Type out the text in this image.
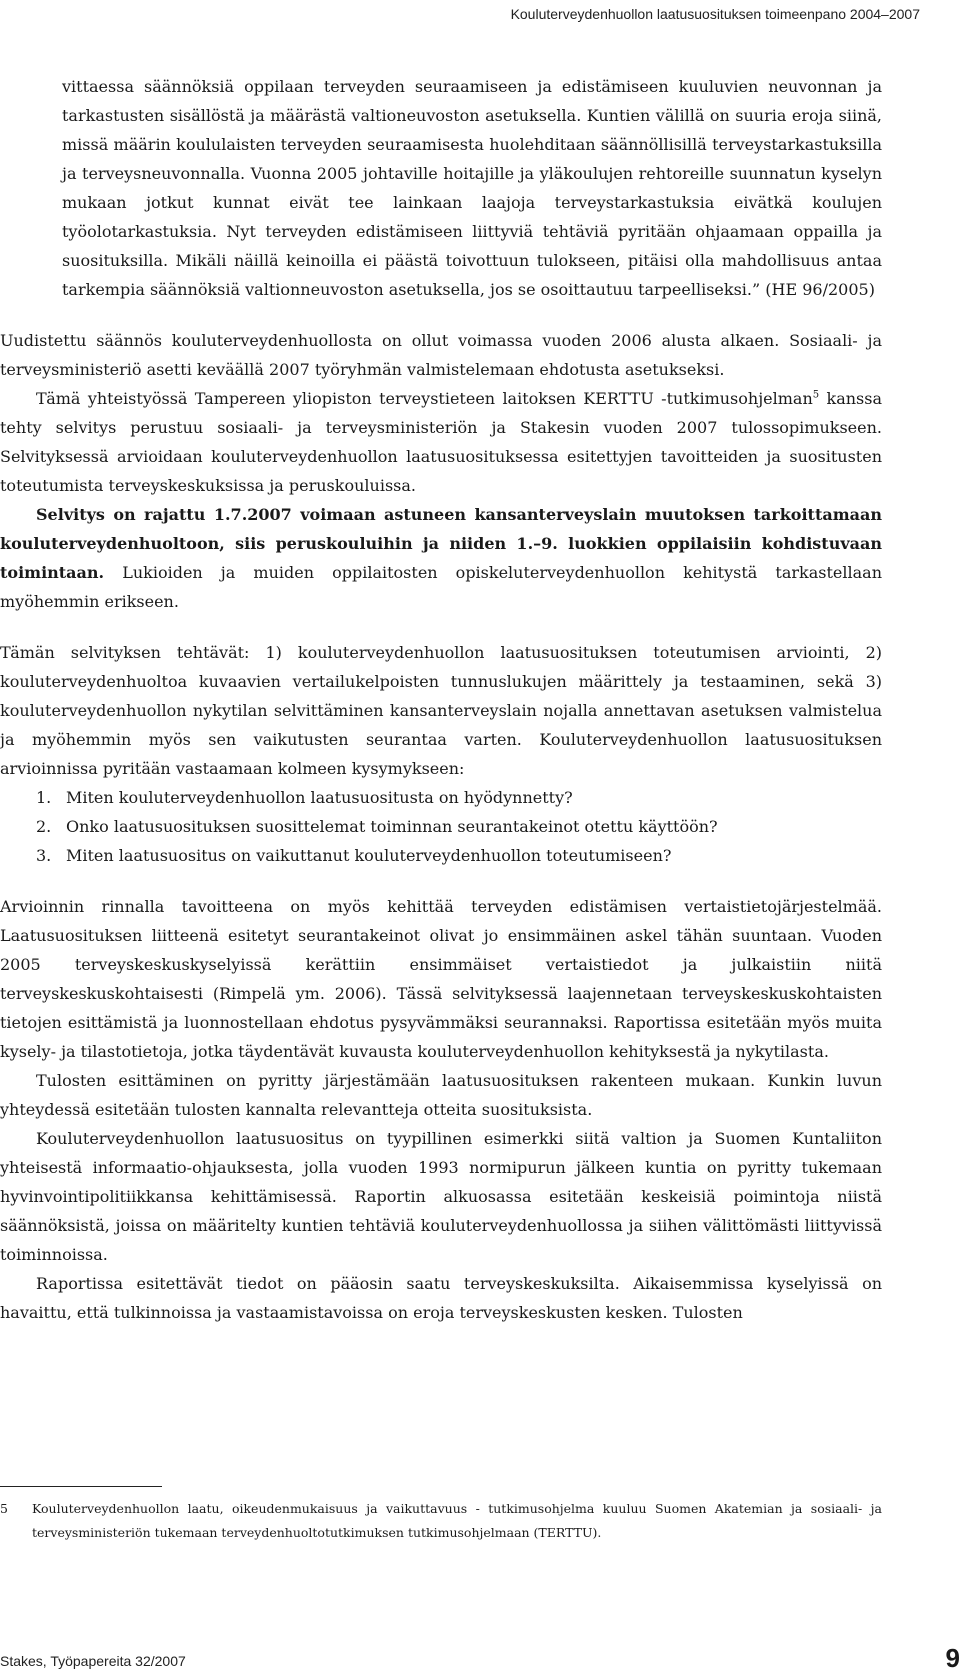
Kouluterveydenhuollon laatusuosituksen toimeenpano 2004–2007

vittaessa säännöksiä oppilaan terveyden seuraamiseen ja edistämiseen kuuluvien neuvonnan ja tarkastusten sisällöstä ja määrästä valtioneuvoston asetuksella. Kuntien välillä on suuria eroja siinä, missä määrin koululaisten terveyden seuraamisesta huolehditaan säännöllisillä terveystarkastuksilla ja terveysneuvonnalla. Vuonna 2005 johtaville hoitajille ja yläkoulujen rehtoreille suunnatun kyselyn mukaan jotkut kunnat eivät tee lainkaan laajoja terveystarkastuksia eivätkä koulujen työolotarkastuksia. Nyt terveyden edistämiseen liittyviä tehtäviä pyritään ohjaamaan oppailla ja suosituksilla. Mikäli näillä keinoilla ei päästä toivottuun tulokseen, pitäisi olla mahdollisuus antaa tarkempia säännöksiä valtionneuvoston asetuksella, jos se osoittautuu tarpeelliseksi.” (HE 96/2005)

Uudistettu säännös kouluterveydenhuollosta on ollut voimassa vuoden 2006 alusta alkaen. Sosiaali- ja terveysministeriö asetti keväällä 2007 työryhmän valmistelemaan ehdotusta asetukseksi.

Tämä yhteistyössä Tampereen yliopiston terveystieteen laitoksen KERTTU -tutkimusohjelman$^5$ kanssa tehty selvitys perustuu sosiaali- ja terveysministeriön ja Stakesin vuoden 2007 tulossopimukseen. Selvityksessä arvioidaan kouluterveydenhuollon laatusuosituksessa esitettyjen tavoitteiden ja suositusten toteutumista terveyskeskuksissa ja peruskouluissa.

Selvitys on rajattu 1.7.2007 voimaan astuneen kansanterveyslain muutoksen tarkoittamaan kouluterveydenhuoltoon, siis peruskouluihin ja niiden 1.–9. luokkien oppilaisiin kohdistuvaan toimintaan. Lukioiden ja muiden oppilaitosten opiskeluterveydenhuollon kehitystä tarkastellaan myöhemmin erikseen.

Tämän selvityksen tehtävät: 1) kouluterveydenhuollon laatusuosituksen toteutumisen arviointi, 2) kouluterveydenhuoltoa kuvaavien vertailukelpoisten tunnuslukujen määrittely ja testaaminen, sekä 3) kouluterveydenhuollon nykytilan selvittäminen kansanterveyslain nojalla annettavan asetuksen valmistelua ja myöhemmin myös sen vaikutusten seurantaa varten. Kouluterveydenhuollon laatusuosituksen arvioinnissa pyritään vastaamaan kolmeen kysymykseen:

1. Miten kouluterveydenhuollon laatusuositusta on hyödynnetty?
2. Onko laatusuosituksen suosittelemat toiminnan seurantakeinot otettu käyttöön?
3. Miten laatusuositus on vaikuttanut kouluterveydenhuollon toteutumiseen?

Arvioinnin rinnalla tavoitteena on myös kehittää terveyden edistämisen vertaistietojärjestelmää. Laatusuosituksen liitteenä esitetyt seurantakeinot olivat jo ensimmäinen askel tähän suuntaan. Vuoden 2005 terveyskeskuskyselyissä kerättiin ensimmäiset vertaistiedot ja julkaistiin niitä terveyskeskuskohtaisesti (Rimpelä ym. 2006). Tässä selvityksessä laajennetaan terveyskeskuskohtaisten tietojen esittämistä ja luonnostellaan ehdotus pysyvämmäksi seurannaksi. Raportissa esitetään myös muita kysely- ja tilastotietoja, jotka täydentävät kuvausta kouluterveydenhuollon kehityksestä ja nykytilasta.

Tulosten esittäminen on pyritty järjestämään laatusuosituksen rakenteen mukaan. Kunkin luvun yhteydessä esitetään tulosten kannalta relevantteja otteita suosituksista.

Kouluterveydenhuollon laatusuositus on tyypillinen esimerkki siitä valtion ja Suomen Kuntaliiton yhteisestä informaatio-ohjauksesta, jolla vuoden 1993 normipurun jälkeen kuntia on pyritty tukemaan hyvinvointipolitiikkansa kehittämisessä. Raportin alkuosassa esitetään keskeisiä poimintoja niistä säännöksistä, joissa on määritelty kuntien tehtäviä kouluterveydenhuollossa ja siihen välittömästi liittyvissä toiminnoissa.

Raportissa esitettävät tiedot on pääosin saatu terveyskeskuksilta. Aikaisemmissa kyselyissä on havaittu, että tulkinnoissa ja vastaamistavoissa on eroja terveyskeskusten kesken. Tulosten

5	Kouluterveydenhuollon laatu, oikeudenmukaisuus ja vaikuttavuus - tutkimusohjelma kuuluu Suomen Akatemian ja sosiaali- ja terveysministeriön tukemaan terveydenhuoltotutkimuksen tutkimusohjelmaan (TERTTU).
Stakes, Työpapereita 32/2007	9
